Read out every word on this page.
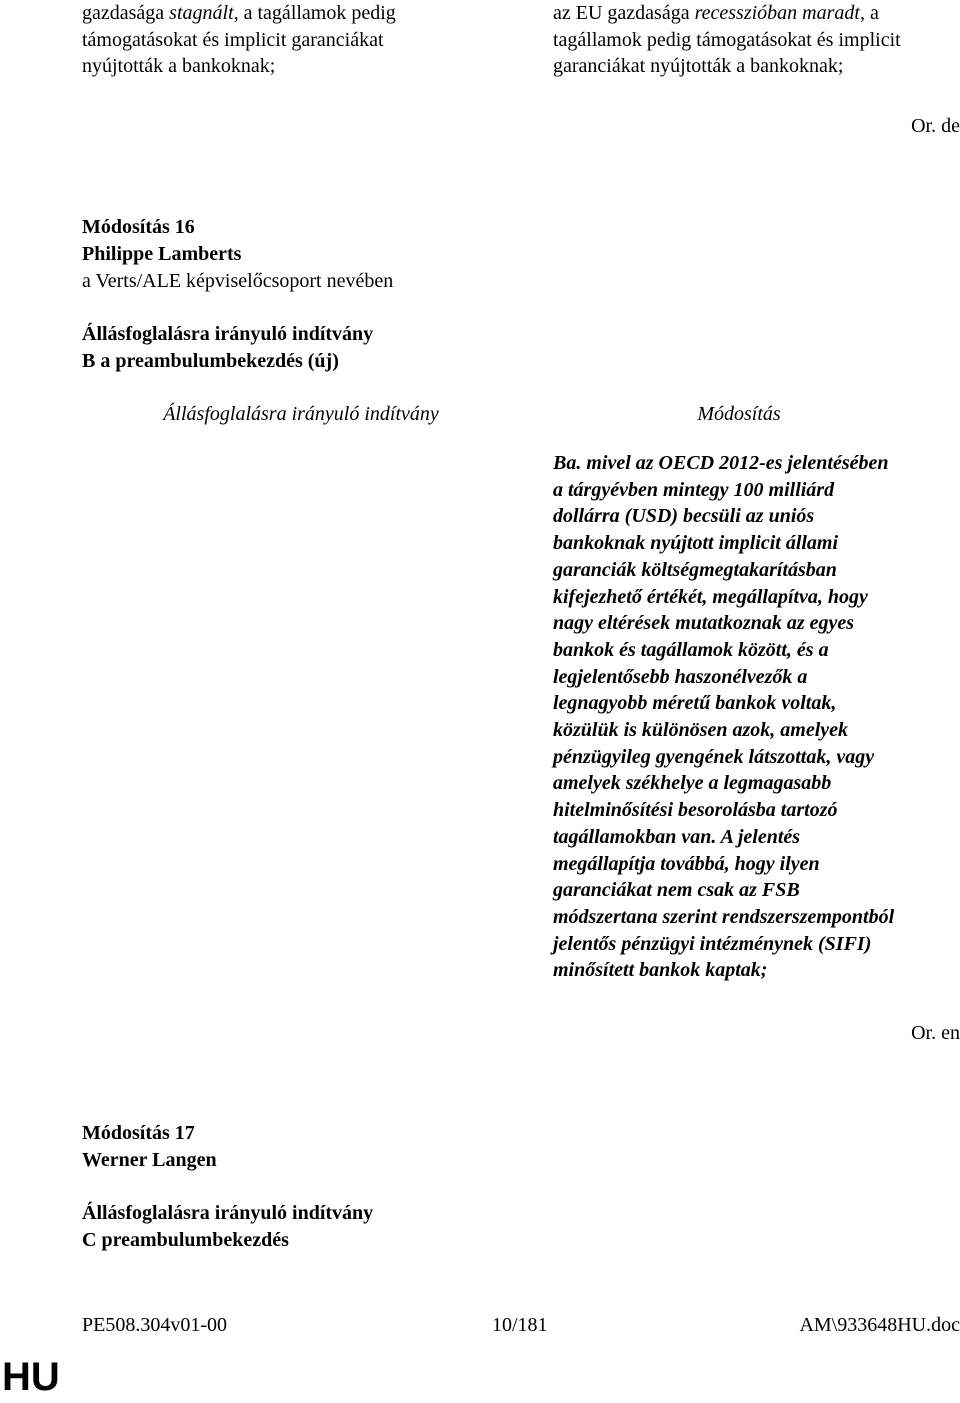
gazdasága stagnált, a tagállamok pedig
támogatásokat és implicit garanciákat
nyújtották a bankoknak;
az EU gazdasága recesszióban maradt, a
tagállamok pedig támogatásokat és implicit
garanciákat nyújtották a bankoknak;
Or. de
Módosítás 16
Philippe Lamberts
a Verts/ALE képviselőcsoport nevében
Állásfoglalásra irányuló indítvány
B a preambulumbekezdés (új)
Állásfoglalásra irányuló indítvány	Módosítás
Ba. mivel az OECD 2012-es jelentésében
a tárgyévben mintegy 100 milliárd
dollárra (USD) becsüli az uniós
bankoknak nyújtott implicit állami
garanciák költségmegtakarításban
kifejezhető értékét, megállapítva, hogy
nagy eltérések mutatkoznak az egyes
bankok és tagállamok között, és a
legjelentősebb haszonélvezők a
legnagyobb méretű bankok voltak,
közülük is különösen azok, amelyek
pénzügyileg gyengének látszottak, vagy
amelyek székhelye a legmagasabb
hitelminősítési besorolásba tartozó
tagállamokban van. A jelentés
megállapítja továbbá, hogy ilyen
garanciákat nem csak az FSB
módszertana szerint rendszerszempontból
jelentős pénzügyi intézménynek (SIFI)
minősített bankok kaptak;
Or. en
Módosítás 17
Werner Langen
Állásfoglalásra irányuló indítvány
C preambulumbekezdés
PE508.304v01-00	10/181	AM\933648HU.doc
HU
